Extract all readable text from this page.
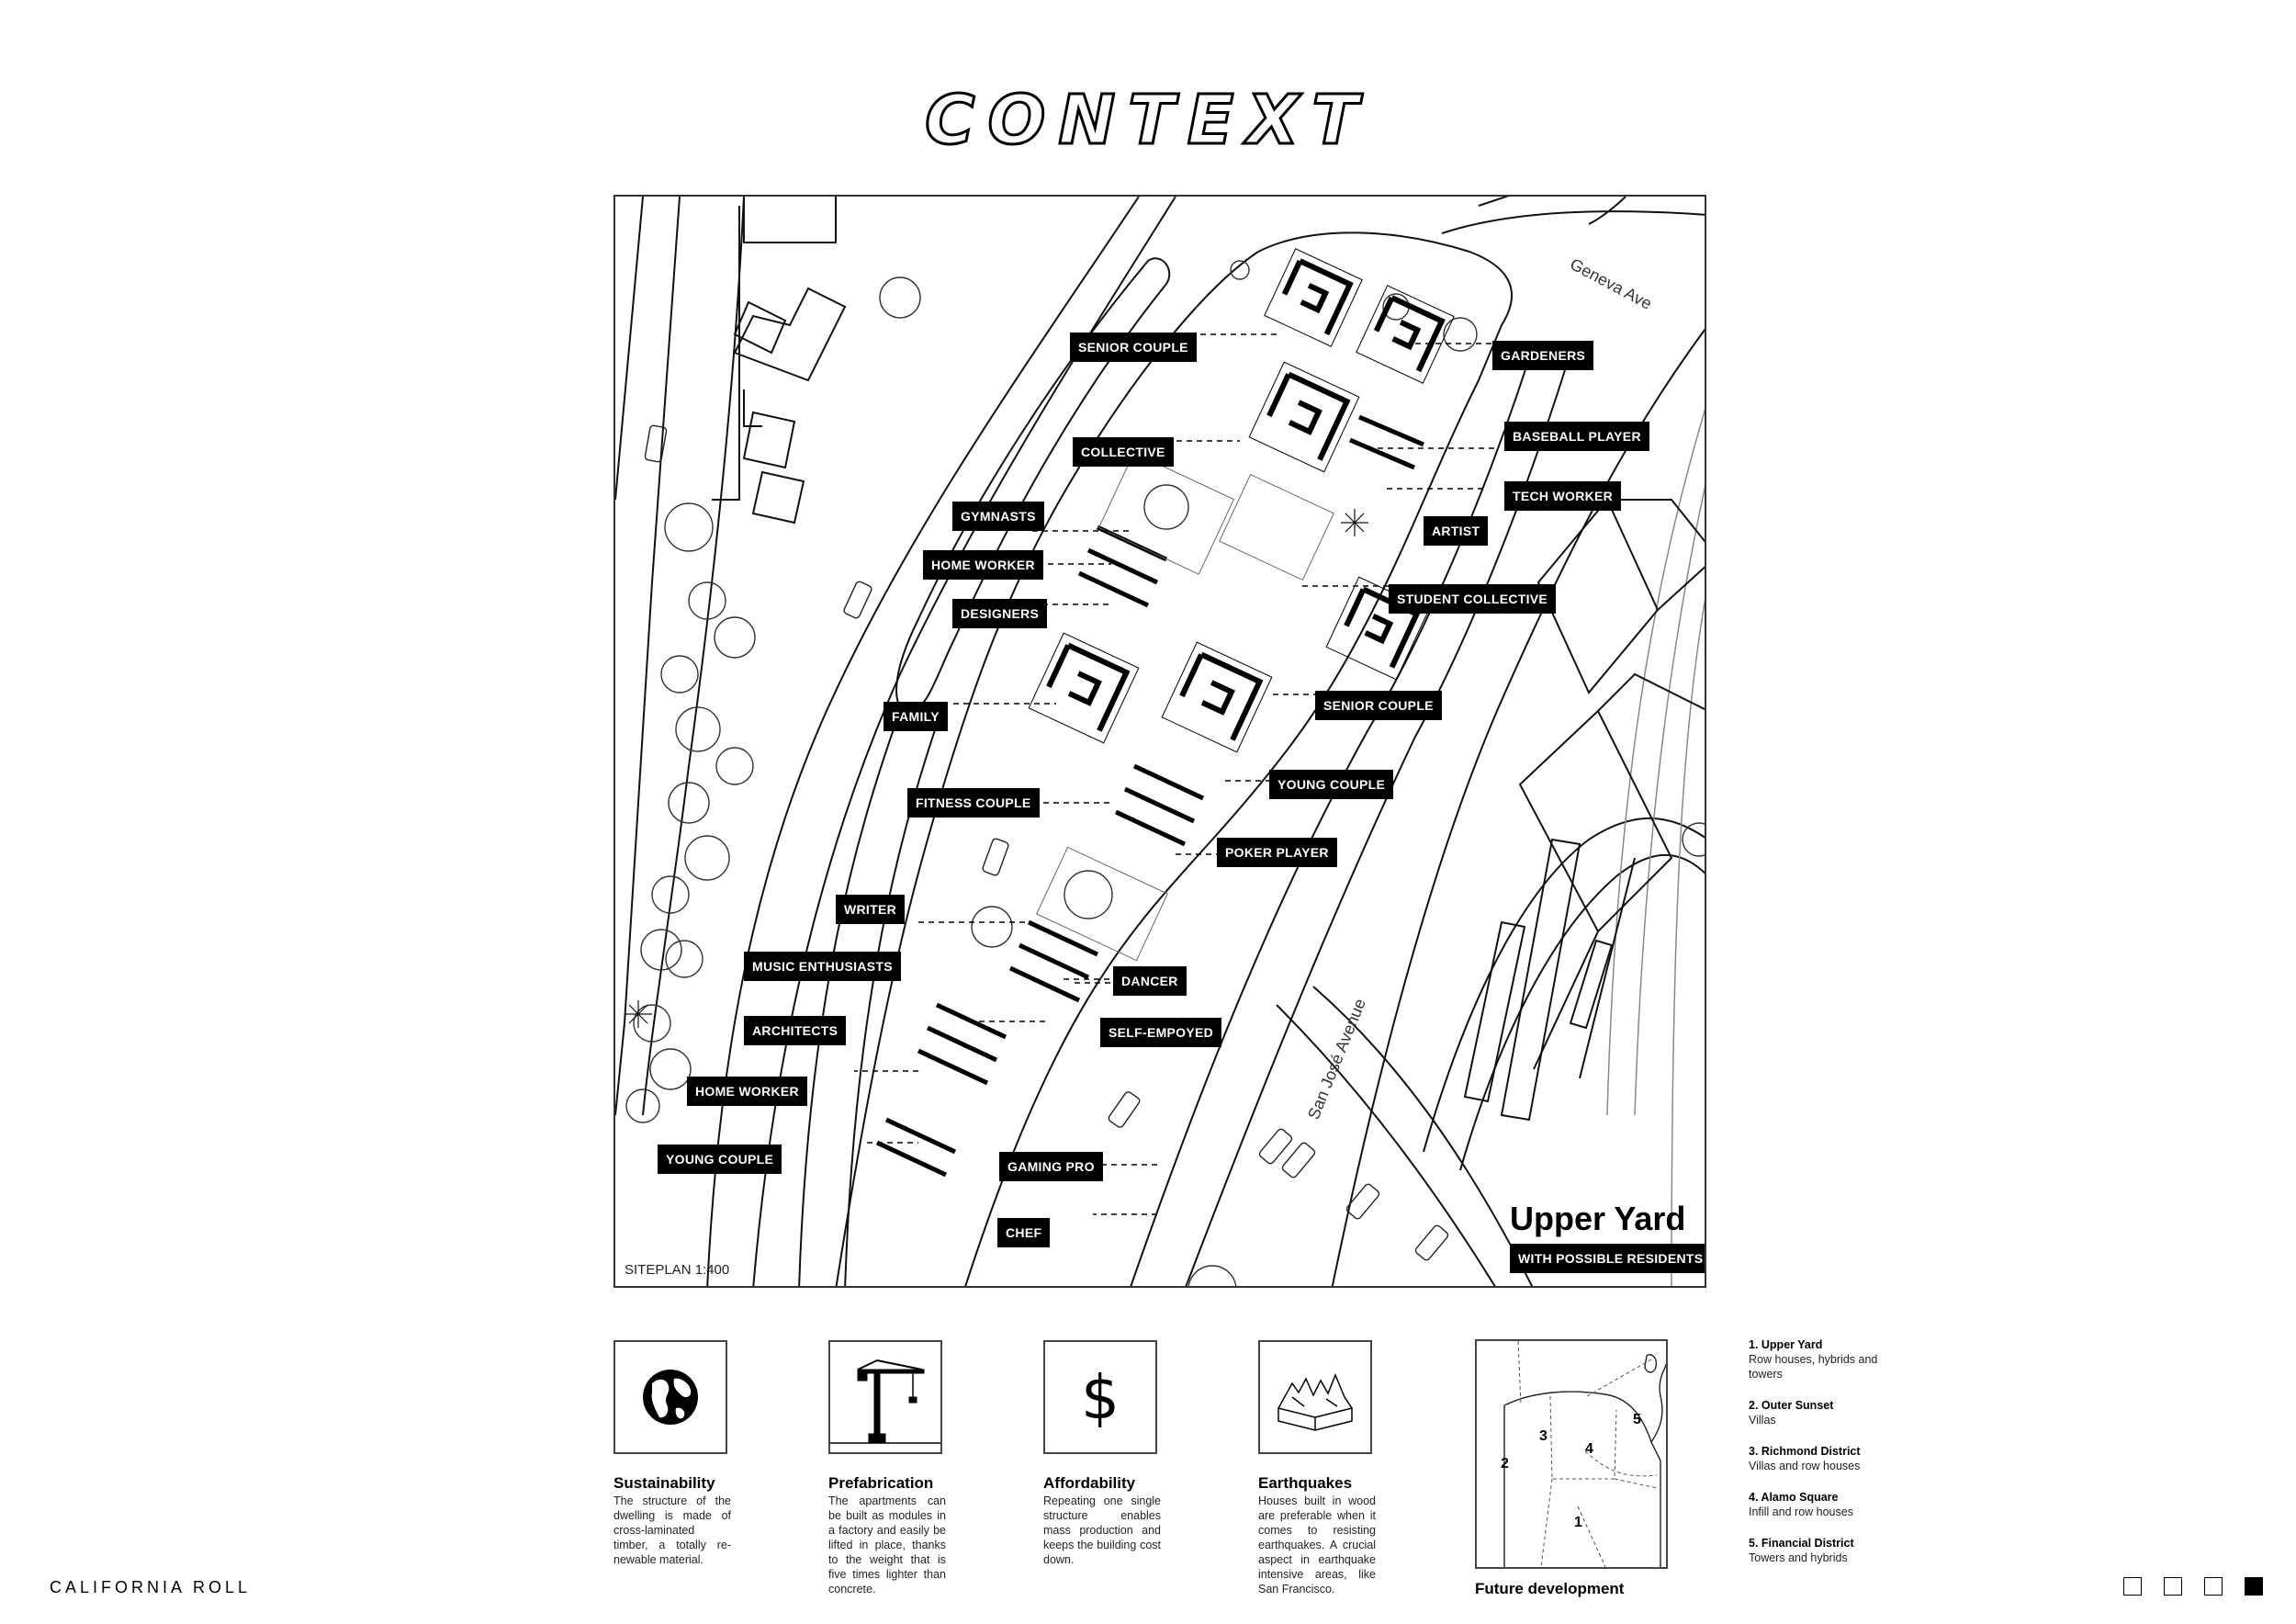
CONTEXT
Geneva Ave
San José Avenue
SENIOR COUPLE
GARDENERS
COLLECTIVE
BASEBALL PLAYER
TECH WORKER
GYMNASTS
ARTIST
HOME WORKER
DESIGNERS
STUDENT COLLECTIVE
FAMILY
SENIOR COUPLE
YOUNG COUPLE
FITNESS COUPLE
POKER PLAYER
WRITER
MUSIC ENTHUSIASTS
DANCER
ARCHITECTS	SELF-EMPOYED
HOME WORKER
YOUNG COUPLE	GAMING PRO
CHEF	Upper Yard
WITH POSSIBLE RESIDENTS
SITEPLAN 1:400
$
Sustainability
The structure of the dwelling is made of cross-laminated timber, a totally re-newable material.
Prefabrication
The apartments can be built as modules in a factory and easily be lifted in place, thanks to the weight that is five times lighter than concrete.
Affordability
Repeating one single structure enables mass production and keeps the building cost down.
Earthquakes
Houses built in wood are preferable when it comes to resisting earthquakes. A crucial aspect in earthquake intensive areas, like San Francisco.
1
2
3
4
5
Future development
1. Upper Yard
Row houses, hybrids and towers
2. Outer Sunset
Villas
3. Richmond District
Villas and row houses
4. Alamo Square
Infill and row houses
5. Financial District
Towers and hybrids
CALIFORNIA ROLL
